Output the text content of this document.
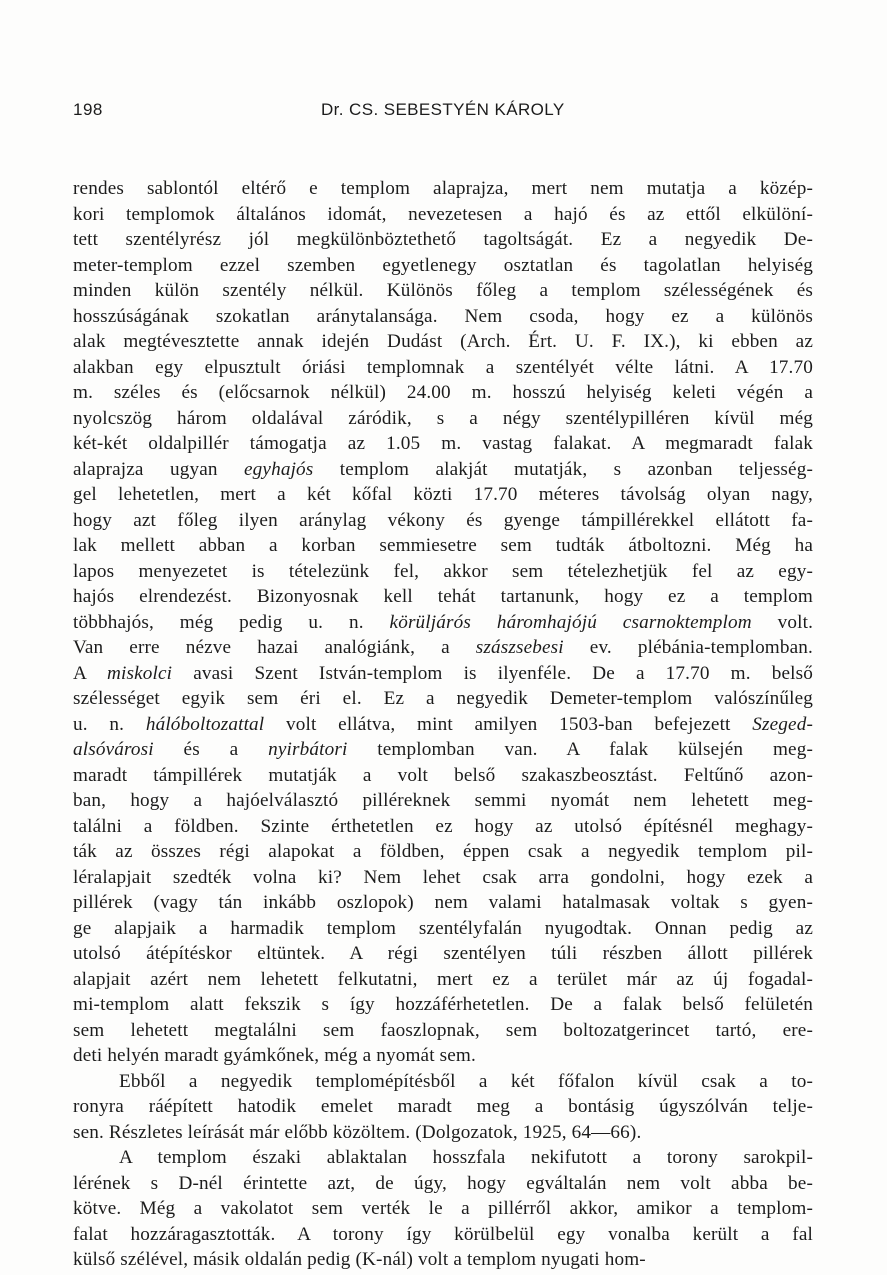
198	Dr. CS. SEBESTYÉN KÁROLY
rendes sablontól eltérő e templom alaprajza, mert nem mutatja a közép-
kori templomok általános idomát, nevezetesen a hajó és az ettől elkülöní-
tett szentélyrész jól megkülönböztethető tagoltságát. Ez a negyedik De-
meter-templom ezzel szemben egyetlenegy osztatlan és tagolatlan helyiség
minden külön szentély nélkül. Különös főleg a templom szélességének és
hosszúságának szokatlan aránytalansága. Nem csoda, hogy ez a különös
alak megtévesztette annak idején Dudást (Arch. Ért. U. F. IX.), ki ebben az
alakban egy elpusztult óriási templomnak a szentélyét vélte látni. A 17.70
m. széles és (előcsarnok nélkül) 24.00 m. hosszú helyiség keleti végén a
nyolcszög három oldalával záródik, s a négy szentélypilléren kívül még
két-két oldalpillér támogatja az 1.05 m. vastag falakat. A megmaradt falak
alaprajza ugyan egyhajós templom alakját mutatják, s azonban teljesség-
gel lehetetlen, mert a két kőfal közti 17.70 méteres távolság olyan nagy,
hogy azt főleg ilyen aránylag vékony és gyenge támpillérekkel ellátott fa-
lak mellett abban a korban semmiesetre sem tudták átboltozni. Még ha
lapos menyezetet is tételezünk fel, akkor sem tételezhetjük fel az egy-
hajós elrendezést. Bizonyosnak kell tehát tartanunk, hogy ez a templom
többhajós, még pedig u. n. körüljárós háromhajójú csarnoktemplom volt.
Van erre nézve hazai analógiánk, a szászsebesi ev. plébánia-templomban.
A miskolci avasi Szent István-templom is ilyenféle. De a 17.70 m. belső
szélességet egyik sem éri el. Ez a negyedik Demeter-templom valószínűleg
u. n. hálóboltozattal volt ellátva, mint amilyen 1503-ban befejezett Szeged-
alsóvárosi és a nyirbátori templomban van. A falak külsején meg-
maradt támpillérek mutatják a volt belső szakaszbeosztást. Feltűnő azon-
ban, hogy a hajóelválasztó pilléreknek semmi nyomát nem lehetett meg-
találni a földben. Szinte érthetetlen ez hogy az utolsó építésnél meghagy-
ták az összes régi alapokat a földben, éppen csak a negyedik templom pil-
léralapjait szedték volna ki? Nem lehet csak arra gondolni, hogy ezek a
pillérek (vagy tán inkább oszlopok) nem valami hatalmasak voltak s gyen-
ge alapjaik a harmadik templom szentélyfalán nyugodtak. Onnan pedig az
utolsó átépítéskor eltüntek. A régi szentélyen túli részben állott pillérek
alapjait azért nem lehetett felkutatni, mert ez a terület már az új fogadal-
mi-templom alatt fekszik s így hozzáférhetetlen. De a falak belső felületén
sem lehetett megtalálni sem faoszlopnak, sem boltozatgerincet tartó, ere-
deti helyén maradt gyámkőnek, még a nyomát sem.
Ebből a negyedik templomépítésből a két főfalon kívül csak a to-
ronyra ráépített hatodik emelet maradt meg a bontásig úgyszólván telje-
sen. Részletes leírását már előbb közöltem. (Dolgozatok, 1925, 64—66).
A templom északi ablaktalan hosszfala nekifutott a torony sarokpil-
lérének s D-nél érintette azt, de úgy, hogy egváltalán nem volt abba be-
kötve. Még a vakolatot sem verték le a pillérről akkor, amikor a templom-
falat hozzáragasztották. A torony így körülbelül egy vonalba került a fal
külső szélével, másik oldalán pedig (K-nál) volt a templom nyugati hom-
